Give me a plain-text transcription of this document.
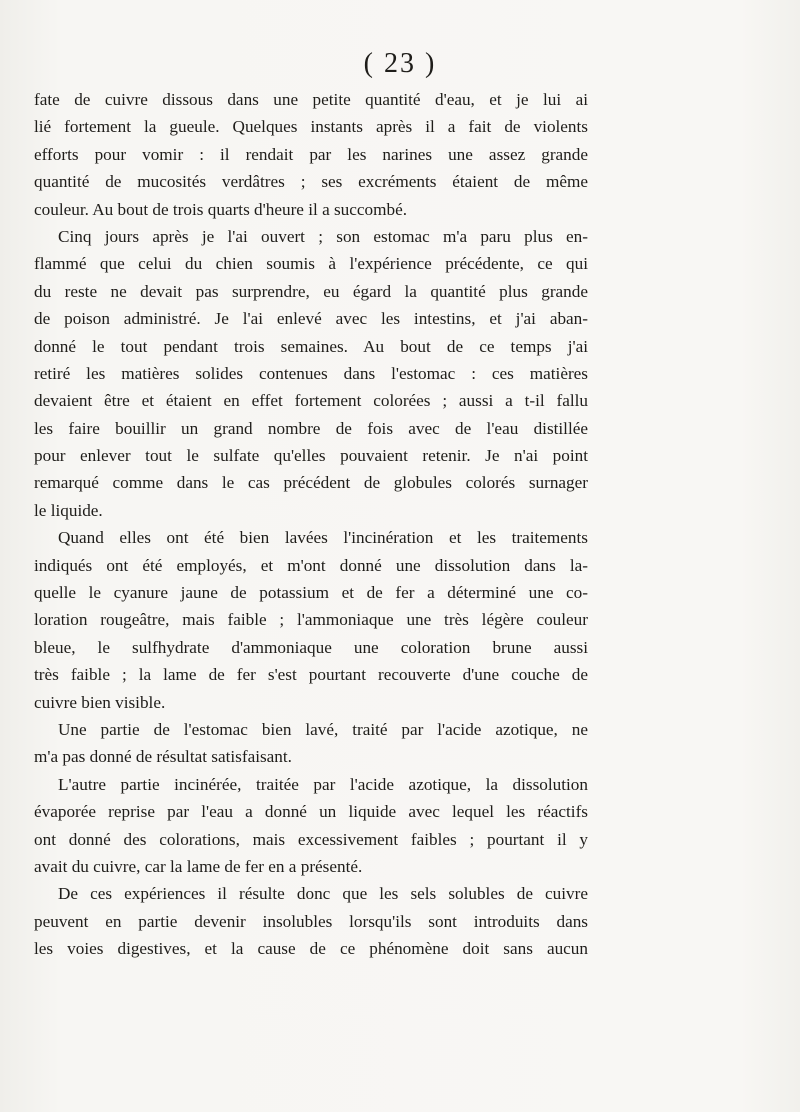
( 23 )
fate de cuivre dissous dans une petite quantité d'eau, et je lui ai
lié fortement la gueule. Quelques instants après il a fait de violents
efforts pour vomir : il rendait par les narines une assez grande
quantité de mucosités verdâtres ; ses excréments étaient de même
couleur. Au bout de trois quarts d'heure il a succombé.
Cinq jours après je l'ai ouvert ; son estomac m'a paru plus en-
flammé que celui du chien soumis à l'expérience précédente, ce qui
du reste ne devait pas surprendre, eu égard la quantité plus grande
de poison administré. Je l'ai enlevé avec les intestins, et j'ai aban-
donné le tout pendant trois semaines. Au bout de ce temps j'ai
retiré les matières solides contenues dans l'estomac : ces matières
devaient être et étaient en effet fortement colorées ; aussi a t-il fallu
les faire bouillir un grand nombre de fois avec de l'eau distillée
pour enlever tout le sulfate qu'elles pouvaient retenir. Je n'ai point
remarqué comme dans le cas précédent de globules colorés surnager
le liquide.
Quand elles ont été bien lavées l'incinération et les traitements
indiqués ont été employés, et m'ont donné une dissolution dans la-
quelle le cyanure jaune de potassium et de fer a déterminé une co-
loration rougeâtre, mais faible ; l'ammoniaque une très légère couleur
bleue, le sulfhydrate d'ammoniaque une coloration brune aussi
très faible ; la lame de fer s'est pourtant recouverte d'une couche de
cuivre bien visible.
Une partie de l'estomac bien lavé, traité par l'acide azotique, ne
m'a pas donné de résultat satisfaisant.
L'autre partie incinérée, traitée par l'acide azotique, la dissolution
évaporée reprise par l'eau a donné un liquide avec lequel les réactifs
ont donné des colorations, mais excessivement faibles ; pourtant il y
avait du cuivre, car la lame de fer en a présenté.
De ces expériences il résulte donc que les sels solubles de cuivre
peuvent en partie devenir insolubles lorsqu'ils sont introduits dans
les voies digestives, et la cause de ce phénomène doit sans aucun
